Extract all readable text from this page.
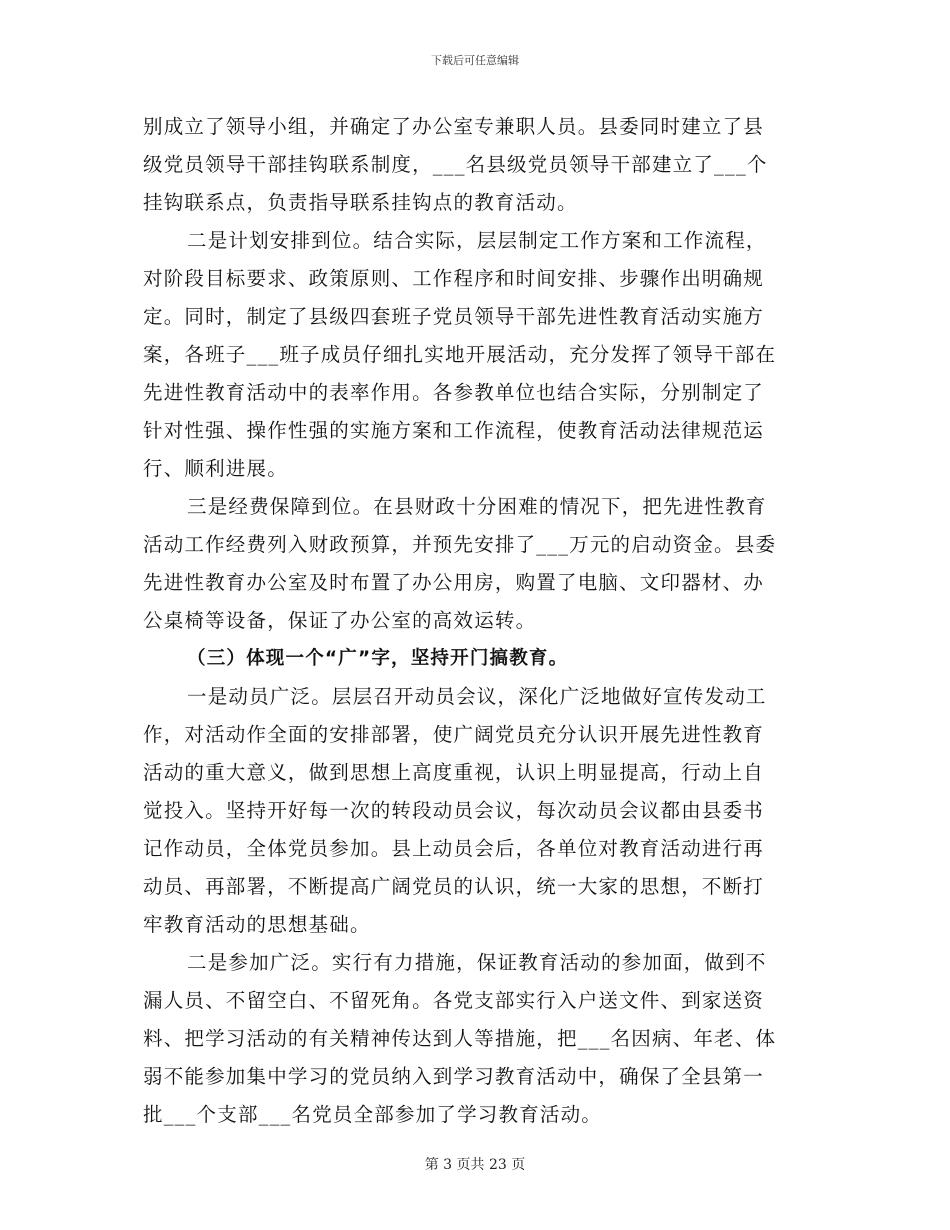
下载后可任意编辑
别成立了领导小组，并确定了办公室专兼职人员。县委同时建立了县
级党员领导干部挂钩联系制度，___名县级党员领导干部建立了___个
挂钩联系点，负责指导联系挂钩点的教育活动。
二是计划安排到位。结合实际，层层制定工作方案和工作流程，
对阶段目标要求、政策原则、工作程序和时间安排、步骤作出明确规
定。同时，制定了县级四套班子党员领导干部先进性教育活动实施方
案，各班子___班子成员仔细扎实地开展活动，充分发挥了领导干部在
先进性教育活动中的表率作用。各参教单位也结合实际，分别制定了
针对性强、操作性强的实施方案和工作流程，使教育活动法律规范运
行、顺利进展。
三是经费保障到位。在县财政十分困难的情况下，把先进性教育
活动工作经费列入财政预算，并预先安排了___万元的启动资金。县委
先进性教育办公室及时布置了办公用房，购置了电脑、文印器材、办
公桌椅等设备，保证了办公室的高效运转。
（三）体现一个“广”字，坚持开门搞教育。
一是动员广泛。层层召开动员会议，深化广泛地做好宣传发动工
作，对活动作全面的安排部署，使广阔党员充分认识开展先进性教育
活动的重大意义，做到思想上高度重视，认识上明显提高，行动上自
觉投入。坚持开好每一次的转段动员会议，每次动员会议都由县委书
记作动员，全体党员参加。县上动员会后，各单位对教育活动进行再
动员、再部署，不断提高广阔党员的认识，统一大家的思想，不断打
牢教育活动的思想基础。
二是参加广泛。实行有力措施，保证教育活动的参加面，做到不
漏人员、不留空白、不留死角。各党支部实行入户送文件、到家送资
料、把学习活动的有关精神传达到人等措施，把___名因病、年老、体
弱不能参加集中学习的党员纳入到学习教育活动中，确保了全县第一
批___个支部___名党员全部参加了学习教育活动。
第 3 页共 23 页
